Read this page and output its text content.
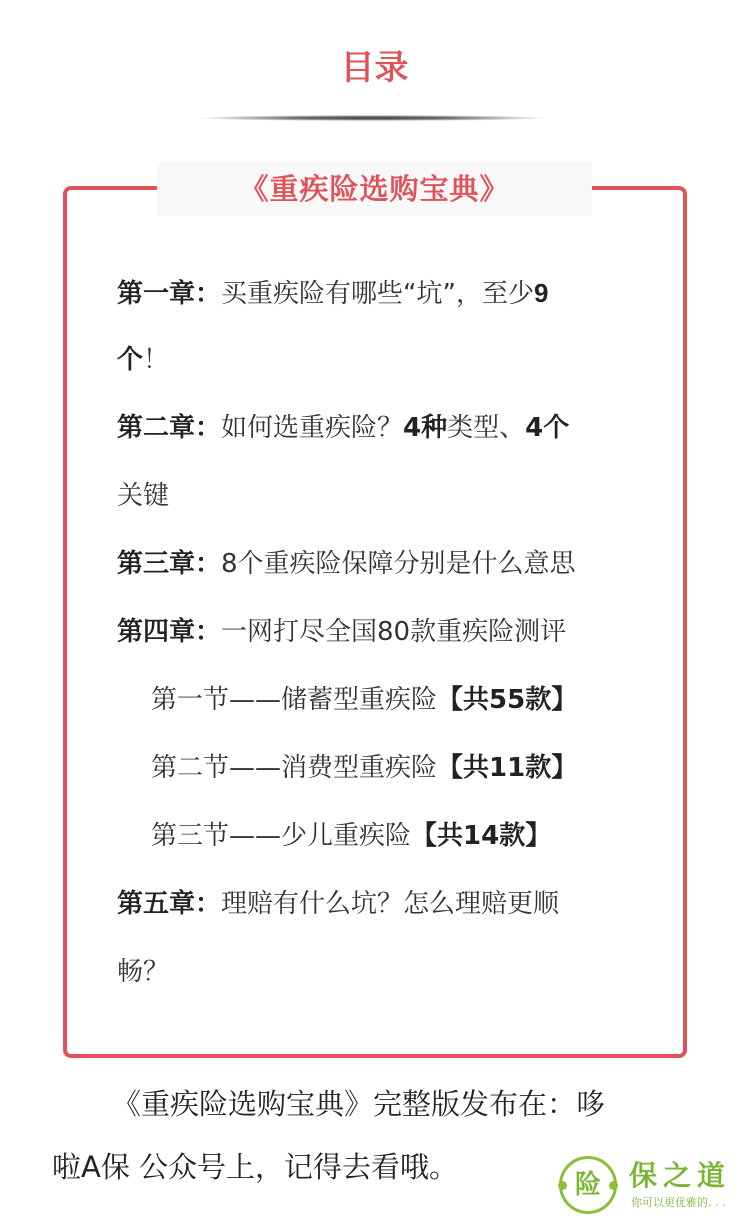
目录
《重疾险选购宝典》
第一章：买重疾险有哪些“坑”，至少9
个！
第二章：如何选重疾险？4种类型、4个
关键
第三章：8个重疾险保障分别是什么意思
第四章：一网打尽全国80款重疾险测评
第一节——储蓄型重疾险【共55款】
第二节——消费型重疾险【共11款】
第三节——少儿重疾险【共14款】
第五章：理赔有什么坑？怎么理赔更顺
畅？
《重疾险选购宝典》完整版发布在：哆
啦A保 公众号上，记得去看哦。
险	保之道
你可以更优雅的. . .
